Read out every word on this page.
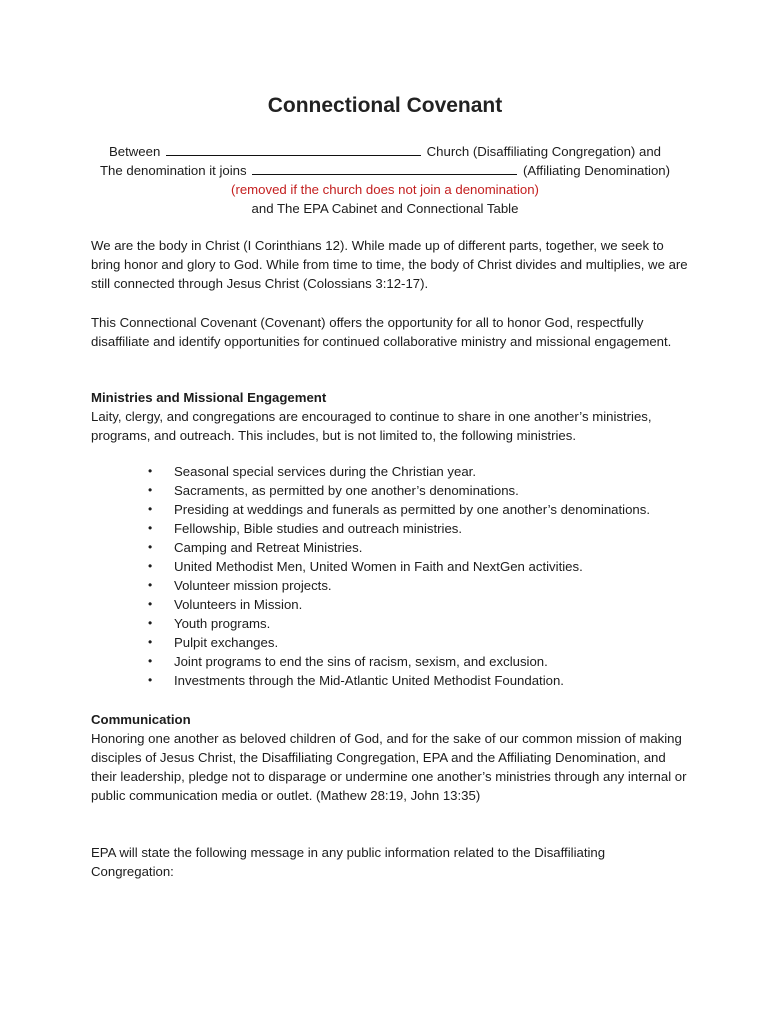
Connectional Covenant
Between	Church (Disaffiliating Congregation) and
The denomination it joins	(Affiliating Denomination)
(removed if the church does not join a denomination)
and The EPA Cabinet and Connectional Table

We are the body in Christ (I Corinthians 12). While made up of different parts, together, we seek to bring honor and glory to God. While from time to time, the body of Christ divides and multiplies, we are still connected through Jesus Christ (Colossians 3:12-17).

This Connectional Covenant (Covenant) offers the opportunity for all to honor God, respectfully disaffiliate and identify opportunities for continued collaborative ministry and missional engagement.

Ministries and Missional Engagement

Laity, clergy, and congregations are encouraged to continue to share in one another’s ministries, programs, and outreach. This includes, but is not limited to, the following ministries.

• Seasonal special services during the Christian year.
• Sacraments, as permitted by one another’s denominations.
• Presiding at weddings and funerals as permitted by one another’s denominations.
• Fellowship, Bible studies and outreach ministries.
• Camping and Retreat Ministries.
• United Methodist Men, United Women in Faith and NextGen activities.
• Volunteer mission projects.
• Volunteers in Mission.
• Youth programs.
• Pulpit exchanges.
• Joint programs to end the sins of racism, sexism, and exclusion.
• Investments through the Mid-Atlantic United Methodist Foundation.
Communication

Honoring one another as beloved children of God, and for the sake of our common mission of making disciples of Jesus Christ, the Disaffiliating Congregation, EPA and the Affiliating Denomination, and their leadership, pledge not to disparage or undermine one another’s ministries through any internal or public communication media or outlet. (Mathew 28:19, John 13:35)

EPA will state the following message in any public information related to the Disaffiliating Congregation:
